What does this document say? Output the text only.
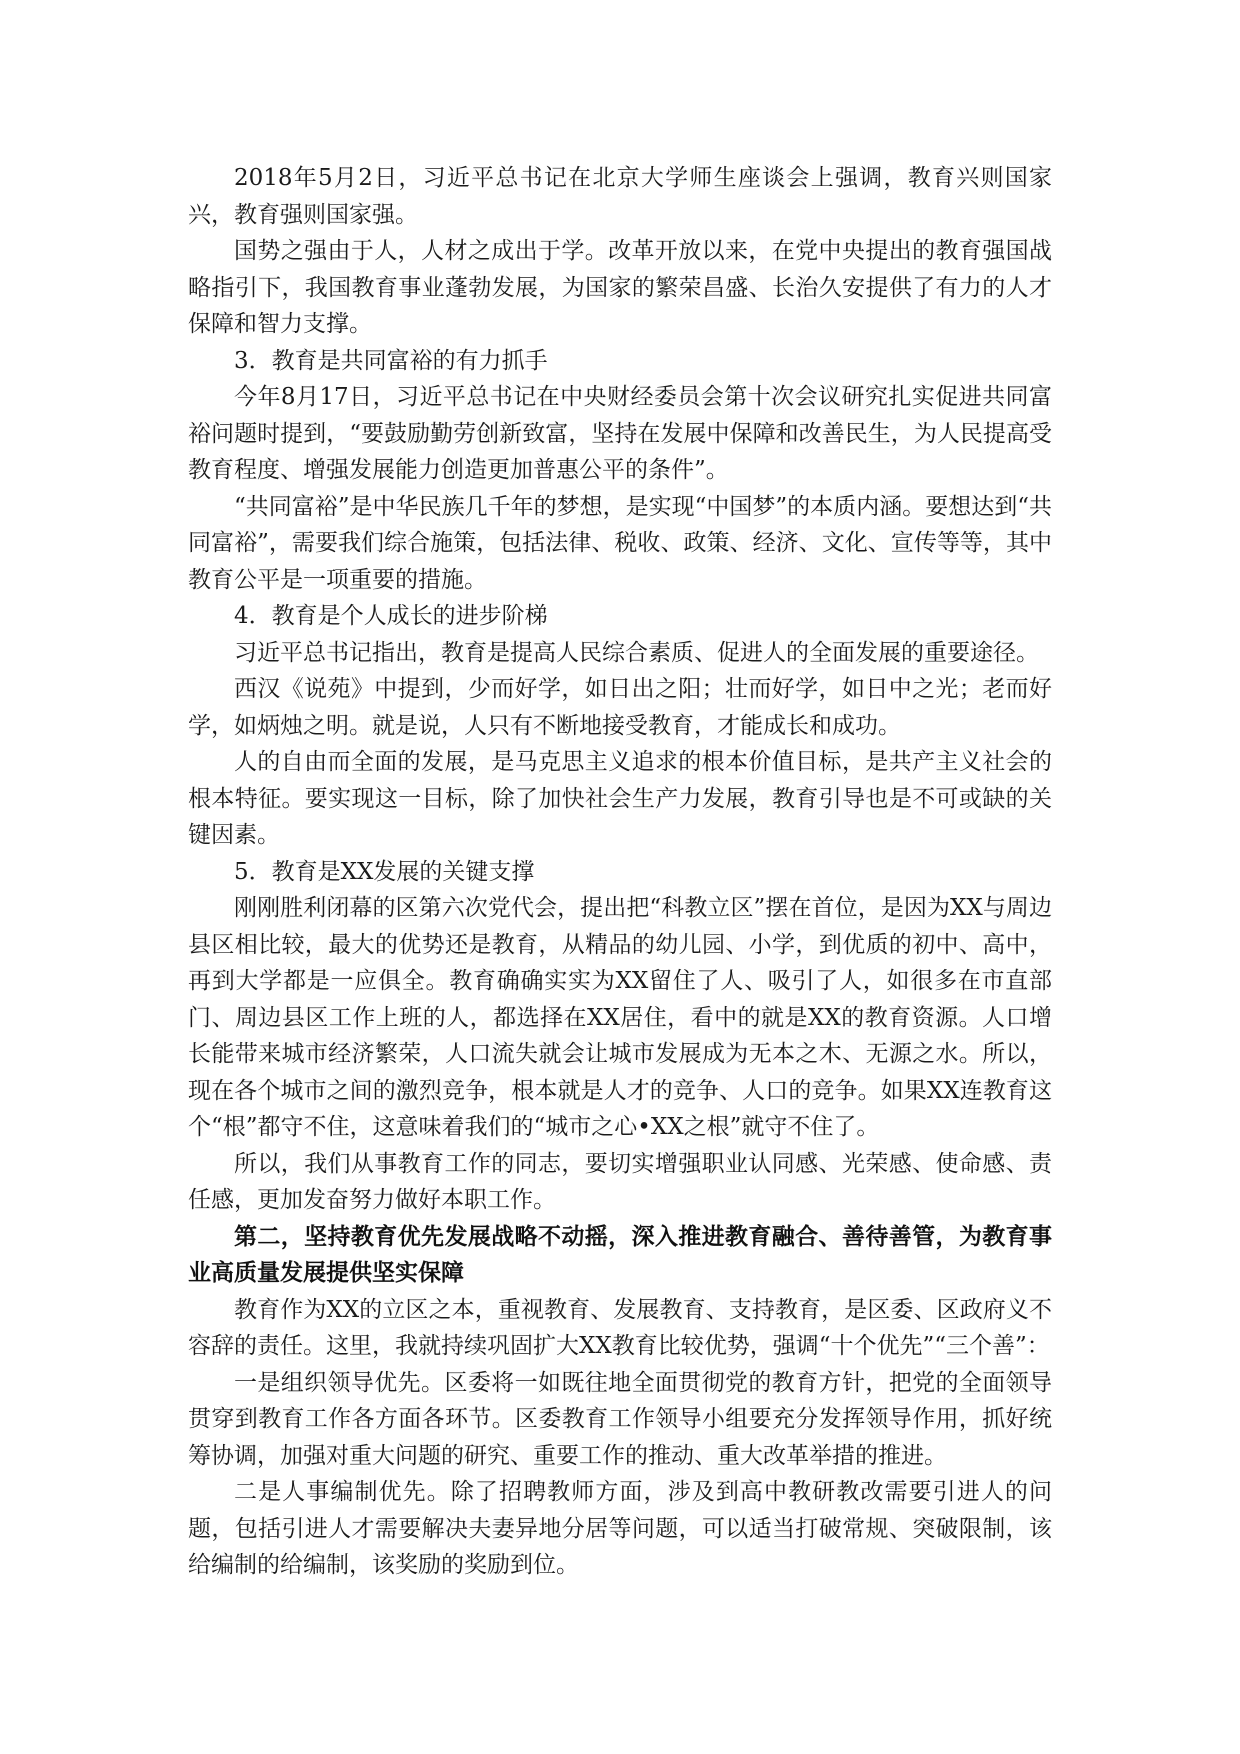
2018年5月2日，习近平总书记在北京大学师生座谈会上强调，教育兴则国家兴，教育强则国家强。

国势之强由于人，人材之成出于学。改革开放以来，在党中央提出的教育强国战略指引下，我国教育事业蓬勃发展，为国家的繁荣昌盛、长治久安提供了有力的人才保障和智力支撑。

3．教育是共同富裕的有力抓手

今年8月17日，习近平总书记在中央财经委员会第十次会议研究扎实促进共同富裕问题时提到，“要鼓励勤劳创新致富，坚持在发展中保障和改善民生，为人民提高受教育程度、增强发展能力创造更加普惠公平的条件”。

“共同富裕”是中华民族几千年的梦想，是实现“中国梦”的本质内涵。要想达到“共同富裕”，需要我们综合施策，包括法律、税收、政策、经济、文化、宣传等等，其中教育公平是一项重要的措施。

4．教育是个人成长的进步阶梯

习近平总书记指出，教育是提高人民综合素质、促进人的全面发展的重要途径。

西汉《说苑》中提到，少而好学，如日出之阳；壮而好学，如日中之光；老而好学，如炳烛之明。就是说，人只有不断地接受教育，才能成长和成功。

人的自由而全面的发展，是马克思主义追求的根本价值目标，是共产主义社会的根本特征。要实现这一目标，除了加快社会生产力发展，教育引导也是不可或缺的关键因素。

5．教育是XX发展的关键支撑

刚刚胜利闭幕的区第六次党代会，提出把“科教立区”摆在首位，是因为XX与周边县区相比较，最大的优势还是教育，从精品的幼儿园、小学，到优质的初中、高中，再到大学都是一应俱全。教育确确实实为XX留住了人、吸引了人，如很多在市直部门、周边县区工作上班的人，都选择在XX居住，看中的就是XX的教育资源。人口增长能带来城市经济繁荣，人口流失就会让城市发展成为无本之木、无源之水。所以，现在各个城市之间的激烈竞争，根本就是人才的竞争、人口的竞争。如果XX连教育这个“根”都守不住，这意味着我们的“城市之心•XX之根”就守不住了。

所以，我们从事教育工作的同志，要切实增强职业认同感、光荣感、使命感、责任感，更加发奋努力做好本职工作。

第二，坚持教育优先发展战略不动摇，深入推进教育融合、善待善管，为教育事业高质量发展提供坚实保障

教育作为XX的立区之本，重视教育、发展教育、支持教育，是区委、区政府义不容辞的责任。这里，我就持续巩固扩大XX教育比较优势，强调“十个优先”“三个善”：

一是组织领导优先。区委将一如既往地全面贯彻党的教育方针，把党的全面领导贯穿到教育工作各方面各环节。区委教育工作领导小组要充分发挥领导作用，抓好统筹协调，加强对重大问题的研究、重要工作的推动、重大改革举措的推进。

二是人事编制优先。除了招聘教师方面，涉及到高中教研教改需要引进人的问题，包括引进人才需要解决夫妻异地分居等问题，可以适当打破常规、突破限制，该给编制的给编制，该奖励的奖励到位。
